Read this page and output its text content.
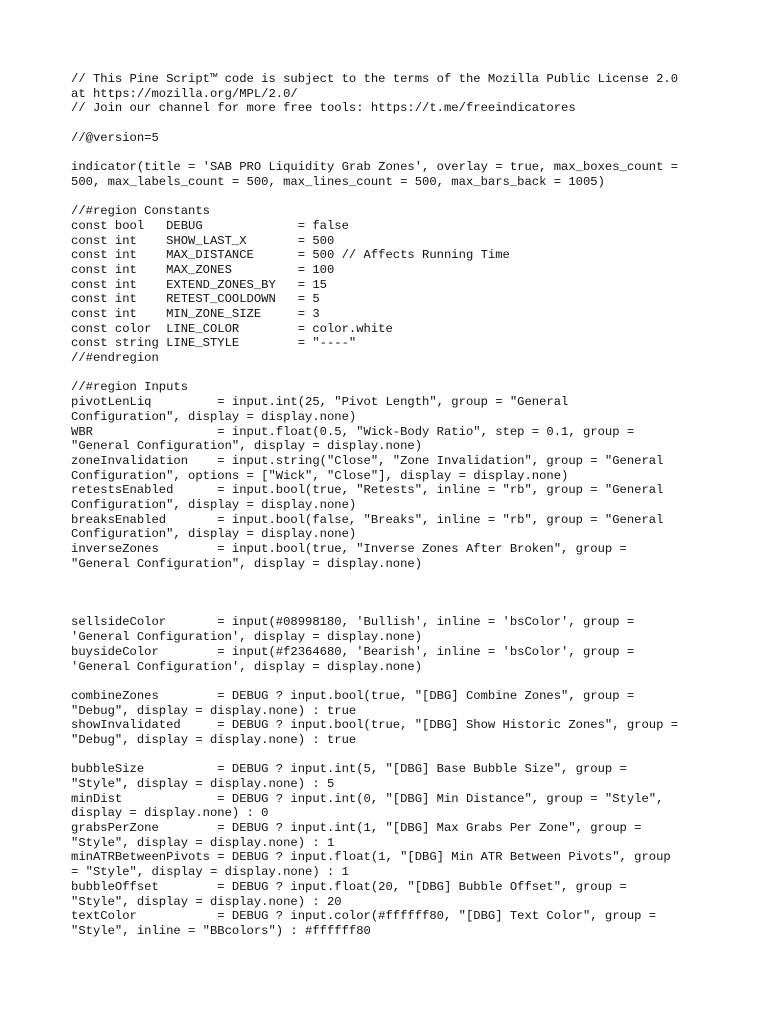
// This Pine Script™ code is subject to the terms of the Mozilla Public License 2.0
at https://mozilla.org/MPL/2.0/
// Join our channel for more free tools: https://t.me/freeindicatores
//@version=5
indicator(title = 'SAB PRO Liquidity Grab Zones', overlay = true, max_boxes_count =
500, max_labels_count = 500, max_lines_count = 500, max_bars_back = 1005)
//#region Constants
const bool   DEBUG             = false
const int    SHOW_LAST_X       = 500
const int    MAX_DISTANCE      = 500 // Affects Running Time
const int    MAX_ZONES         = 100
const int    EXTEND_ZONES_BY   = 15
const int    RETEST_COOLDOWN   = 5
const int    MIN_ZONE_SIZE     = 3
const color  LINE_COLOR        = color.white
const string LINE_STYLE        = "----"
//#endregion
//#region Inputs
pivotLenLiq         = input.int(25, "Pivot Length", group = "General
Configuration", display = display.none)
WBR                 = input.float(0.5, "Wick-Body Ratio", step = 0.1, group =
"General Configuration", display = display.none)
zoneInvalidation    = input.string("Close", "Zone Invalidation", group = "General
Configuration", options = ["Wick", "Close"], display = display.none)
retestsEnabled      = input.bool(true, "Retests", inline = "rb", group = "General
Configuration", display = display.none)
breaksEnabled       = input.bool(false, "Breaks", inline = "rb", group = "General
Configuration", display = display.none)
inverseZones        = input.bool(true, "Inverse Zones After Broken", group =
"General Configuration", display = display.none)
sellsideColor       = input(#08998180, 'Bullish', inline = 'bsColor', group =
'General Configuration', display = display.none)
buysideColor        = input(#f2364680, 'Bearish', inline = 'bsColor', group =
'General Configuration', display = display.none)
combineZones        = DEBUG ? input.bool(true, "[DBG] Combine Zones", group =
"Debug", display = display.none) : true
showInvalidated     = DEBUG ? input.bool(true, "[DBG] Show Historic Zones", group =
"Debug", display = display.none) : true
bubbleSize          = DEBUG ? input.int(5, "[DBG] Base Bubble Size", group =
"Style", display = display.none) : 5
minDist             = DEBUG ? input.int(0, "[DBG] Min Distance", group = "Style",
display = display.none) : 0
grabsPerZone        = DEBUG ? input.int(1, "[DBG] Max Grabs Per Zone", group =
"Style", display = display.none) : 1
minATRBetweenPivots = DEBUG ? input.float(1, "[DBG] Min ATR Between Pivots", group
= "Style", display = display.none) : 1
bubbleOffset        = DEBUG ? input.float(20, "[DBG] Bubble Offset", group =
"Style", display = display.none) : 20
textColor           = DEBUG ? input.color(#ffffff80, "[DBG] Text Color", group =
"Style", inline = "BBcolors") : #ffffff80
